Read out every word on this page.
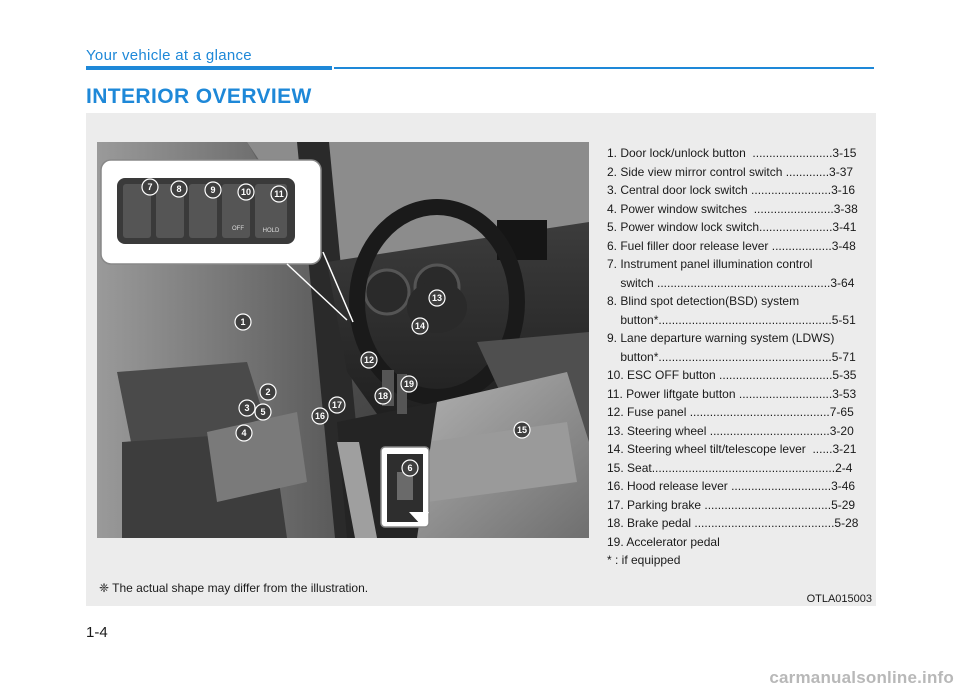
Your vehicle at a glance
INTERIOR OVERVIEW
OFF	HOLD
7	8	9	10	11
1
2
3 5
4
6
13
14
12
15
16
17
18
19
1. Door lock/unlock button  ........................3-15
2. Side view mirror control switch .............3-37
3. Central door lock switch ........................3-16
4. Power window switches  ........................3-38
5. Power window lock switch......................3-41
6. Fuel filler door release lever ..................3-48
7. Instrument panel illumination control
switch ....................................................3-64
8. Blind spot detection(BSD) system
button*....................................................5-51
9. Lane departure warning system (LDWS)
button*....................................................5-71
10. ESC OFF button ..................................5-35
11. Power liftgate button ............................3-53
12. Fuse panel ..........................................7-65
13. Steering wheel ....................................3-20
14. Steering wheel tilt/telescope lever  ......3-21
15. Seat.......................................................2-4
16. Hood release lever ..............................3-46
17. Parking brake ......................................5-29
18. Brake pedal ..........................................5-28
19. Accelerator pedal
* : if equipped
❈ The actual shape may differ from the illustration.
OTLA015003
1-4
carmanualsonline.info
